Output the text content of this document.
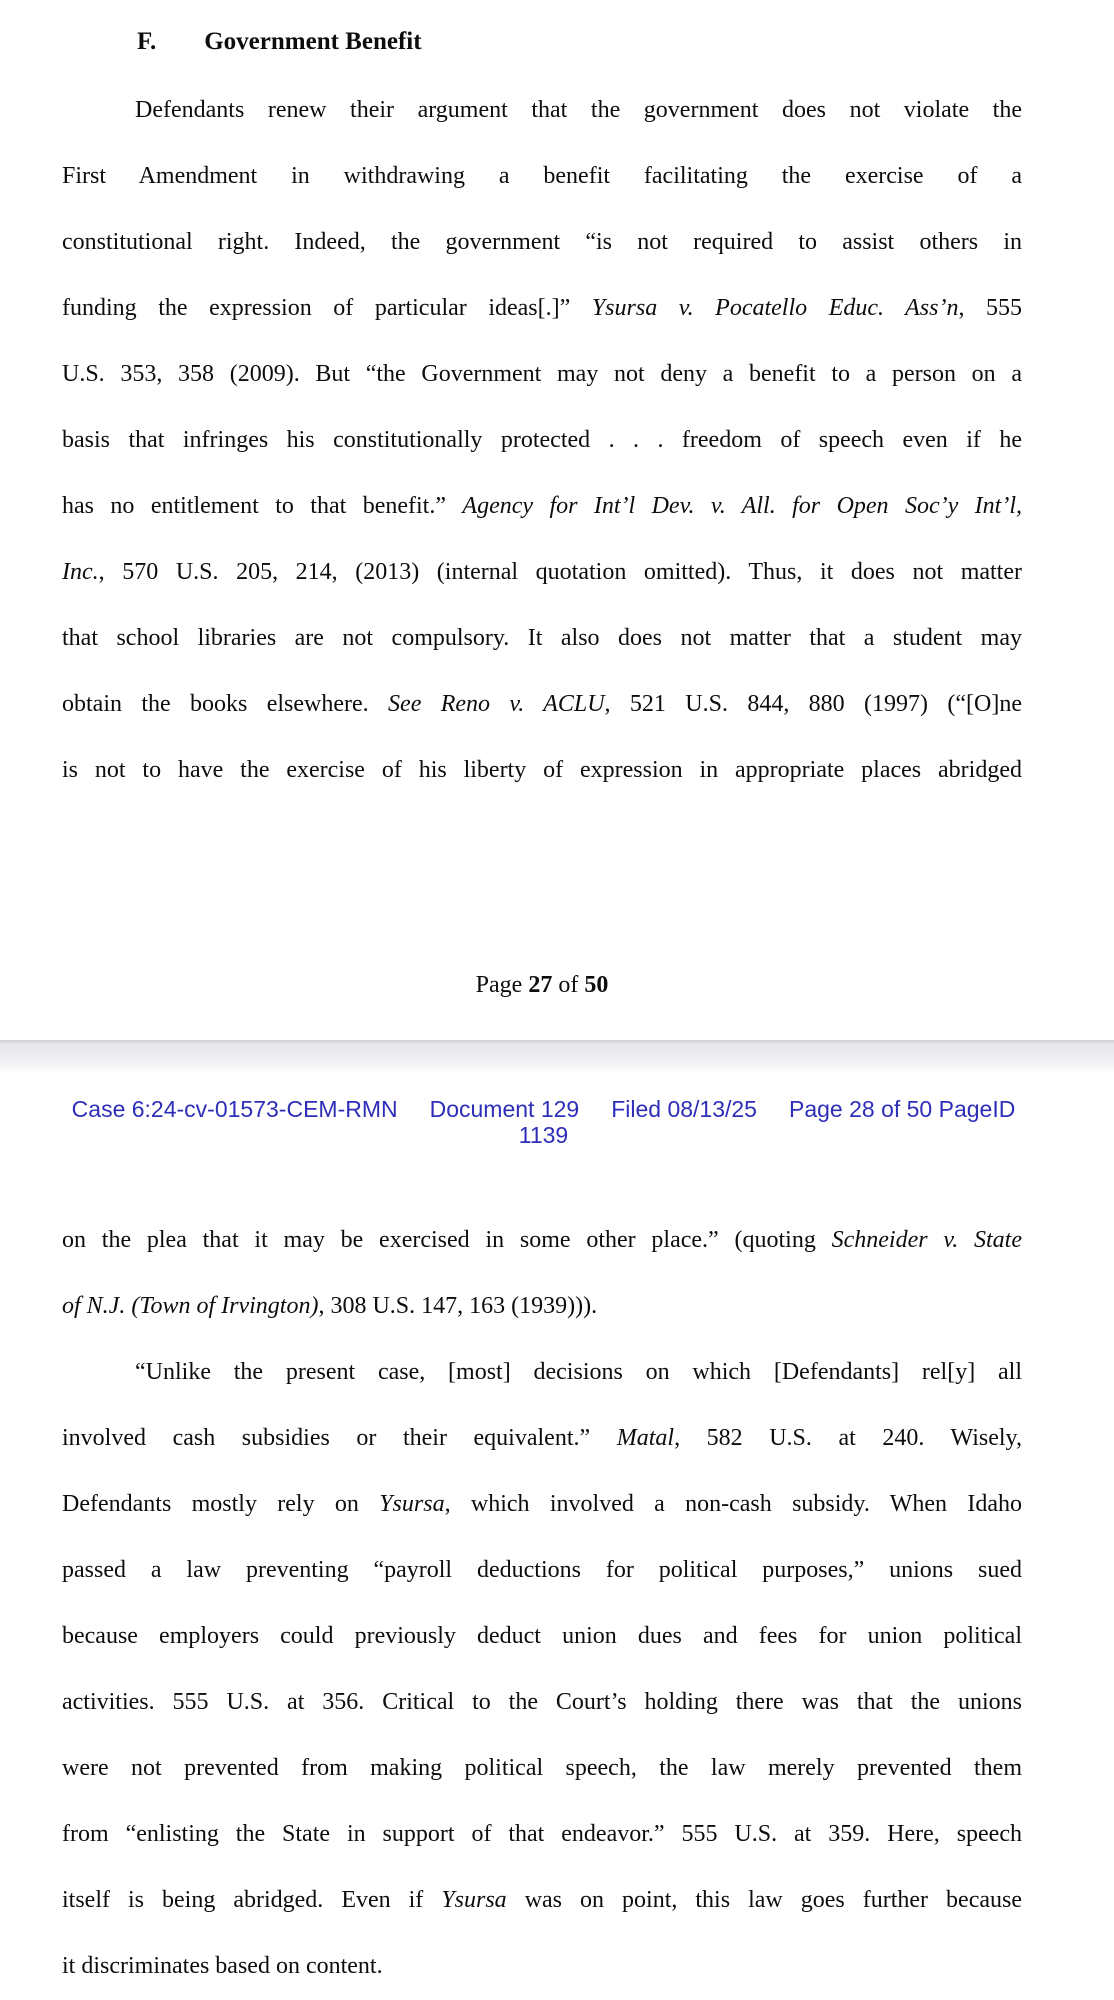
F. Government Benefit
Defendants renew their argument that the government does not violate the
First Amendment in withdrawing a benefit facilitating the exercise of a
constitutional right. Indeed, the government “is not required to assist others in
funding the expression of particular ideas[.]” Ysursa v. Pocatello Educ. Ass’n, 555
U.S. 353, 358 (2009). But “the Government may not deny a benefit to a person on a
basis that infringes his constitutionally protected . . . freedom of speech even if he
has no entitlement to that benefit.” Agency for Int’l Dev. v. All. for Open Soc’y Int’l,
Inc., 570 U.S. 205, 214, (2013) (internal quotation omitted). Thus, it does not matter
that school libraries are not compulsory. It also does not matter that a student may
obtain the books elsewhere. See Reno v. ACLU, 521 U.S. 844, 880 (1997) (“[O]ne
is not to have the exercise of his liberty of expression in appropriate places abridged
Page 27 of 50
Case 6:24-cv-01573-CEM-RMN Document 129 Filed 08/13/25 Page 28 of 50 PageID
1139
on the plea that it may be exercised in some other place.” (quoting Schneider v. State
of N.J. (Town of Irvington), 308 U.S. 147, 163 (1939))).
“Unlike the present case, [most] decisions on which [Defendants] rel[y] all
involved cash subsidies or their equivalent.” Matal, 582 U.S. at 240. Wisely,
Defendants mostly rely on Ysursa, which involved a non-cash subsidy. When Idaho
passed a law preventing “payroll deductions for political purposes,” unions sued
because employers could previously deduct union dues and fees for union political
activities. 555 U.S. at 356. Critical to the Court’s holding there was that the unions
were not prevented from making political speech, the law merely prevented them
from “enlisting the State in support of that endeavor.” 555 U.S. at 359. Here, speech
itself is being abridged. Even if Ysursa was on point, this law goes further because
it discriminates based on content.
